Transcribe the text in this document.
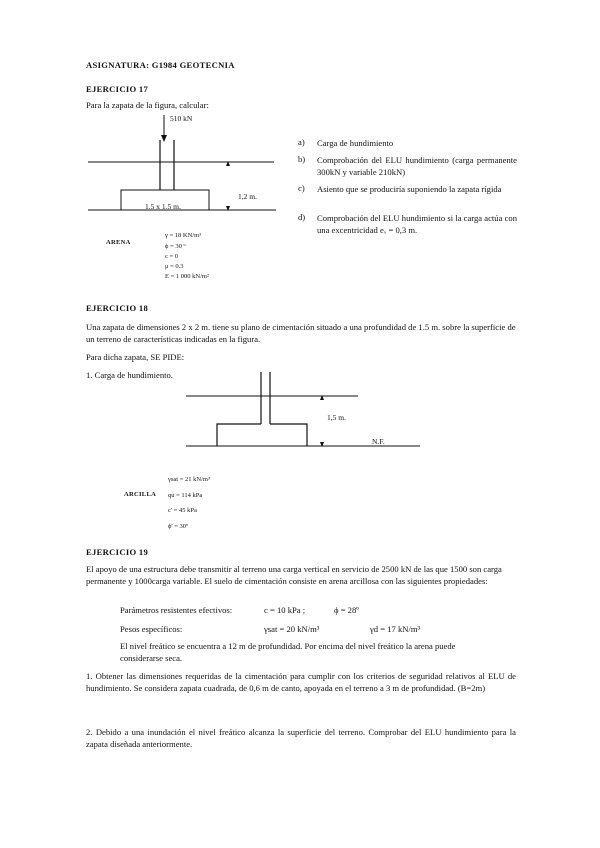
ASIGNATURA: G1984 GEOTECNIA
EJERCICIO 17
Para la zapata de la figura, calcular:
510 kN
1,2 m.
1.5 x 1.5 m.
ARENA
γ = 18 KN/m³
ϕ = 30 º
c = 0
μ = 0.3
E = 1 000 kN/m²
a) Carga de hundimiento
b) Comprobación del ELU hundimiento (carga permanente 300kN y variable 210kN)
c) Asiento que se produciría suponiendo la zapata rígida
d) Comprobación del ELU hundimiento si la carga actúa con una excentricidad eₓ = 0,3 m.
EJERCICIO 18
Una zapata de dimensiones 2 x 2 m. tiene su plano de cimentación situado a una profundidad de 1.5 m. sobre la superficie de un terreno de características indicadas en la figura.
Para dicha zapata, SE PIDE:
1. Carga de hundimiento.
1,5 m.
N.F.
ARCILLA
γsat = 21 kN/m³
qu = 114 kPa
c' = 45 kPa
ϕ' = 30º
EJERCICIO 19
El apoyo de una estructura debe transmitir al terreno una carga vertical en servicio de 2500 kN de las que 1500 son carga permanente y 1000carga variable. El suelo de cimentación consiste en arena arcillosa con las siguientes propiedades:
Parámetros resistentes efectivos:	c = 10 kPa ;	ϕ = 28º
Pesos específicos:	γsat = 20 kN/m³	γd = 17 kN/m³
El nivel freático se encuentra a 12 m de profundidad. Por encima del nivel freático la arena puede considerarse seca.
1. Obtener las dimensiones requeridas de la cimentación para cumplir con los criterios de seguridad relativos al ELU de hundimiento. Se considera zapata cuadrada, de 0,6 m de canto, apoyada en el terreno a 3 m de profundidad. (B=2m)
2. Debido a una inundación el nivel freático alcanza la superficie del terreno. Comprobar del ELU hundimiento para la zapata diseñada anteriormente.
